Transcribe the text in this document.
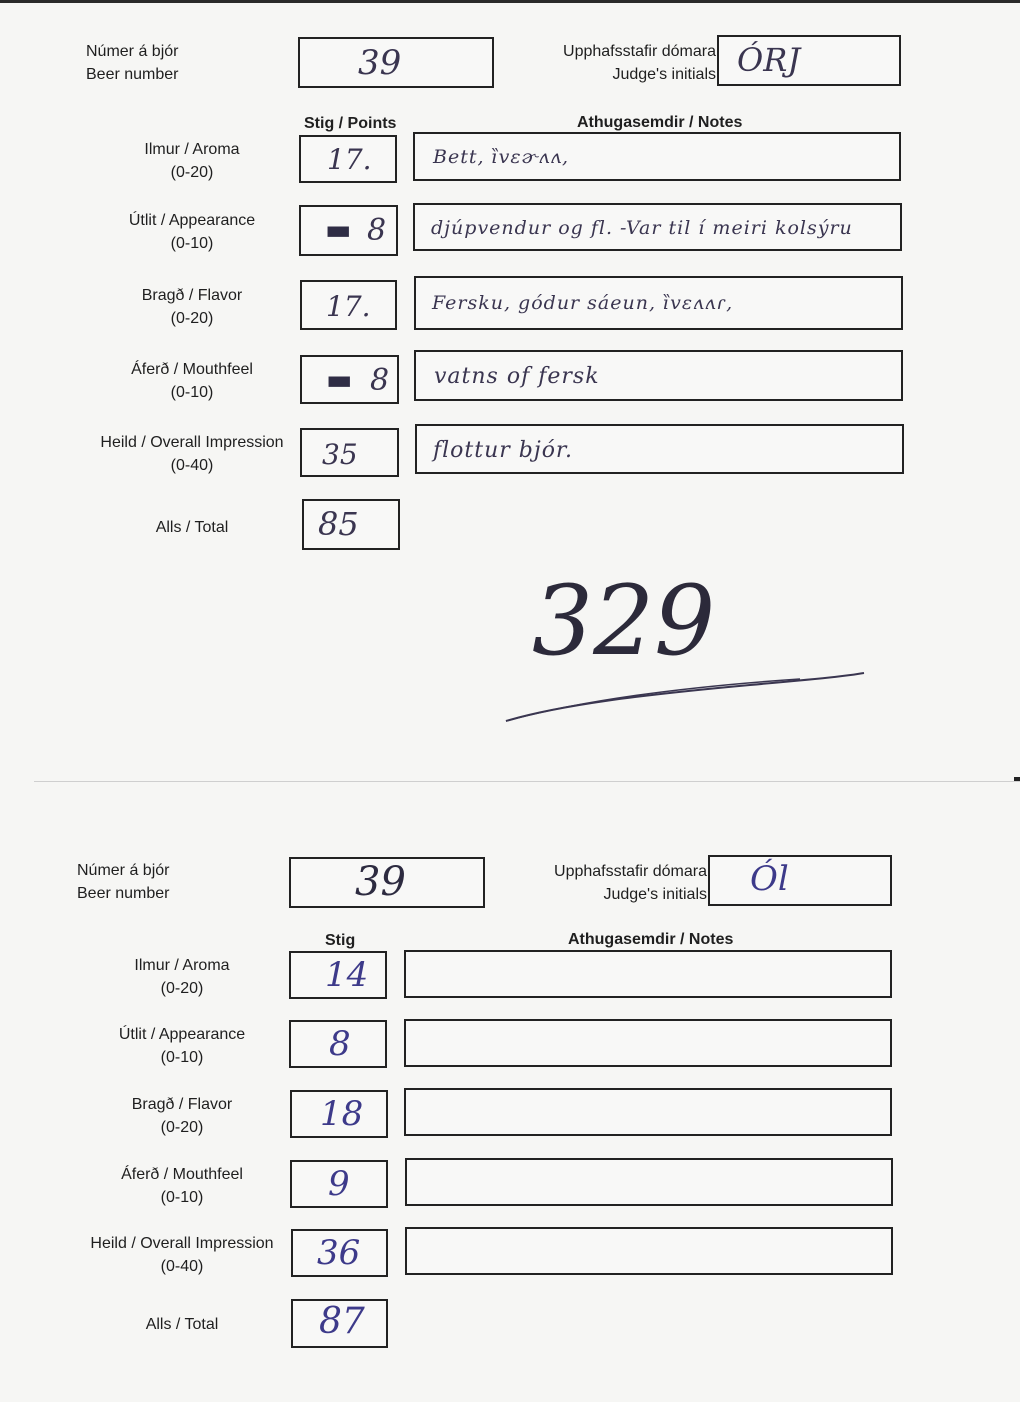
Númer á bjór
Beer number	39	Upphafsstafir dómara
Judge's initials ÓRJ
Stig / Points	Athugasemdir / Notes
Ilmur / Aroma
(0-20)	17.	Bett, ȉvɛɚʌʌ,
Útlit / Appearance
(0-10)	▬ 8 djúpvendur og fl. -Var til í meiri kolsýru
Bragð / Flavor
(0-20)	17.	Fersku, gódur sáeun, ȉvɛʌʌɾ,
Áferð / Mouthfeel
(0-10)	▬ 8 vatns of fersk
Heild / Overall Impression
(0-40)	35	flottur bjór.
Alls / Total	85
329
Númer á bjór
Beer number	39	Upphafsstafir dómara
Judge's initials Ól
Stig	Athugasemdir / Notes
Ilmur / Aroma
(0-20)	14
Útlit / Appearance
(0-10)	8
Bragð / Flavor
(0-20)	18
Áferð / Mouthfeel
(0-10)	9
Heild / Overall Impression
(0-40)	36
Alls / Total	87
